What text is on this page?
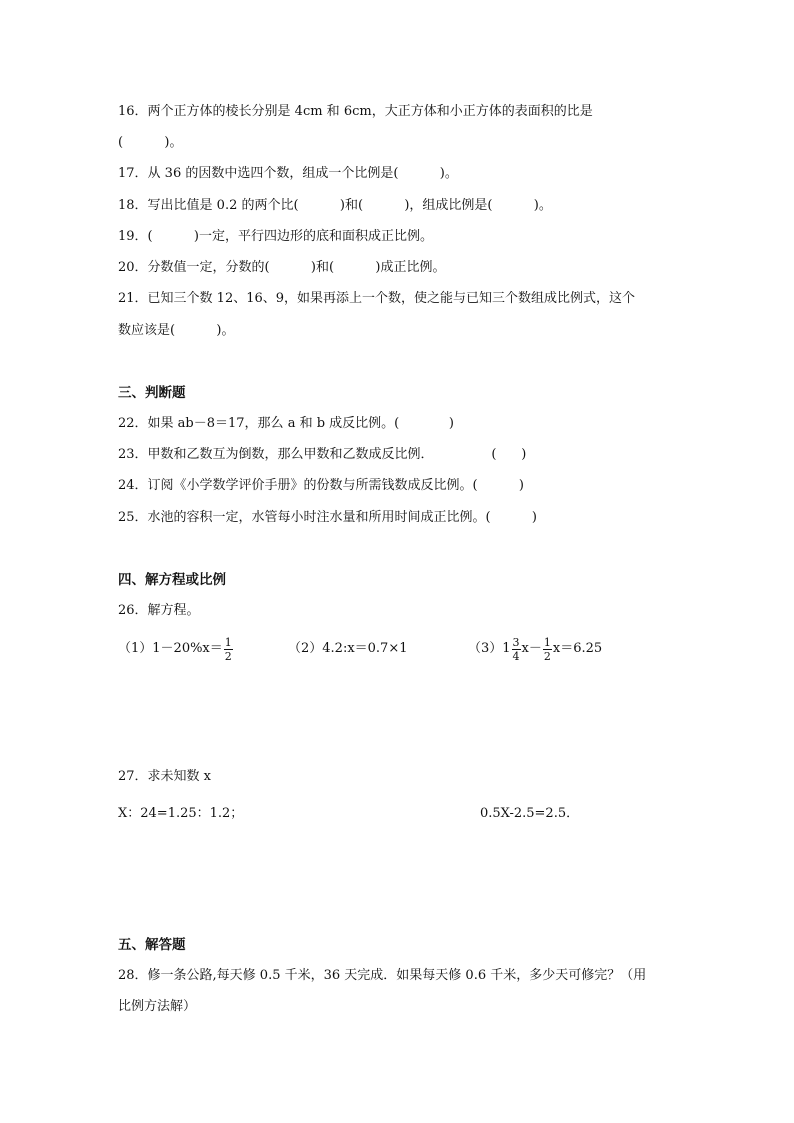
16．两个正方体的棱长分别是 4cm 和 6cm，大正方体和小正方体的表面积的比是
(          )。
17．从 36 的因数中选四个数，组成一个比例是(          )。
18．写出比值是 0.2 的两个比(          )和(          )，组成比例是(          )。
19．(          )一定，平行四边形的底和面积成正比例。
20．分数值一定，分数的(          )和(          )成正比例。
21．已知三个数 12、16、9，如果再添上一个数，使之能与已知三个数组成比例式，这个
数应该是(          )。
三、判断题
22．如果 ab－8＝17，那么 a 和 b 成反比例。(            )
23．甲数和乙数互为倒数，那么甲数和乙数成反比例．              (      )
24．订阅《小学数学评价手册》的份数与所需钱数成反比例。(          )
25．水池的容积一定，水管每小时注水量和所用时间成正比例。(          )
四、解方程或比例
26．解方程。
$(1)1-20\%x= \frac{1}{2}$	（2）4.2:x＝0.7×1	$(3)1 \frac{3}{4} x- \frac{1}{2} x=6.25$
27．求未知数 x
X：24=1.25：1.2；	0.5X-2.5=2.5．
五、解答题
28．修一条公路,每天修 0.5 千米，36 天完成．如果每天修 0.6 千米，多少天可修完？（用
比例方法解）
